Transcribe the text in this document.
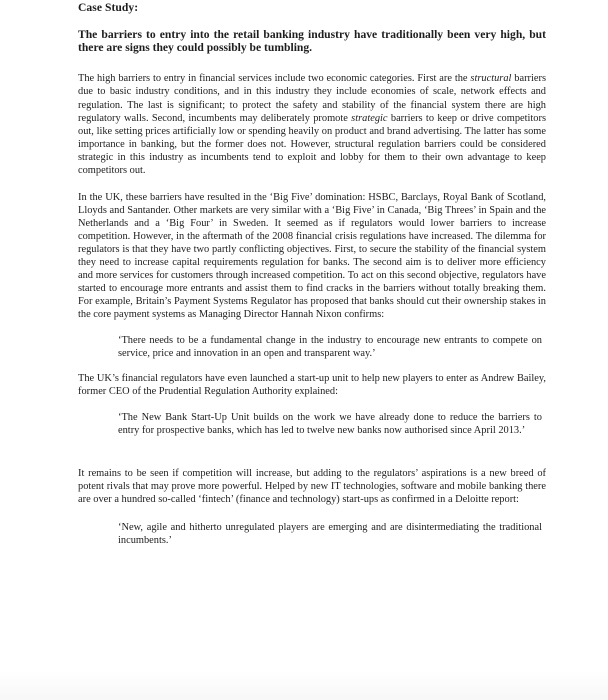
Case Study:

The barriers to entry into the retail banking industry have traditionally been very high, but there are signs they could possibly be tumbling.

The high barriers to entry in financial services include two economic categories. First are the structural barriers due to basic industry conditions, and in this industry they include economies of scale, network effects and regulation. The last is significant; to protect the safety and stability of the financial system there are high regulatory walls. Second, incumbents may deliberately promote strategic barriers to keep or drive competitors out, like setting prices artificially low or spending heavily on product and brand advertising. The latter has some importance in banking, but the former does not. However, structural regulation barriers could be considered strategic in this industry as incumbents tend to exploit and lobby for them to their own advantage to keep competitors out.

In the UK, these barriers have resulted in the ‘Big Five’ domination: HSBC, Barclays, Royal Bank of Scotland, Lloyds and Santander. Other markets are very similar with a ‘Big Five’ in Canada, ‘Big Threes’ in Spain and the Netherlands and a ‘Big Four’ in Sweden. It seemed as if regulators would lower barriers to increase competition. However, in the aftermath of the 2008 financial crisis regulations have increased. The dilemma for regulators is that they have two partly conflicting objectives. First, to secure the stability of the financial system they need to increase capital requirements regulation for banks. The second aim is to deliver more efficiency and more services for customers through increased competition. To act on this second objective, regulators have started to encourage more entrants and assist them to find cracks in the barriers without totally breaking them. For example, Britain’s Payment Systems Regulator has proposed that banks should cut their ownership stakes in the core payment systems as Managing Director Hannah Nixon confirms:

‘There needs to be a fundamental change in the industry to encourage new entrants to compete on service, price and innovation in an open and transparent way.’

The UK’s financial regulators have even launched a start-up unit to help new players to enter as Andrew Bailey, former CEO of the Prudential Regulation Authority explained:

‘The New Bank Start-Up Unit builds on the work we have already done to reduce the barriers to entry for prospective banks, which has led to twelve new banks now authorised since April 2013.’

It remains to be seen if competition will increase, but adding to the regulators’ aspirations is a new breed of potent rivals that may prove more powerful. Helped by new IT technologies, software and mobile banking there are over a hundred so-called ‘fintech’ (finance and technology) start-ups as confirmed in a Deloitte report:

‘New, agile and hitherto unregulated players are emerging and are disintermediating the traditional incumbents.’
